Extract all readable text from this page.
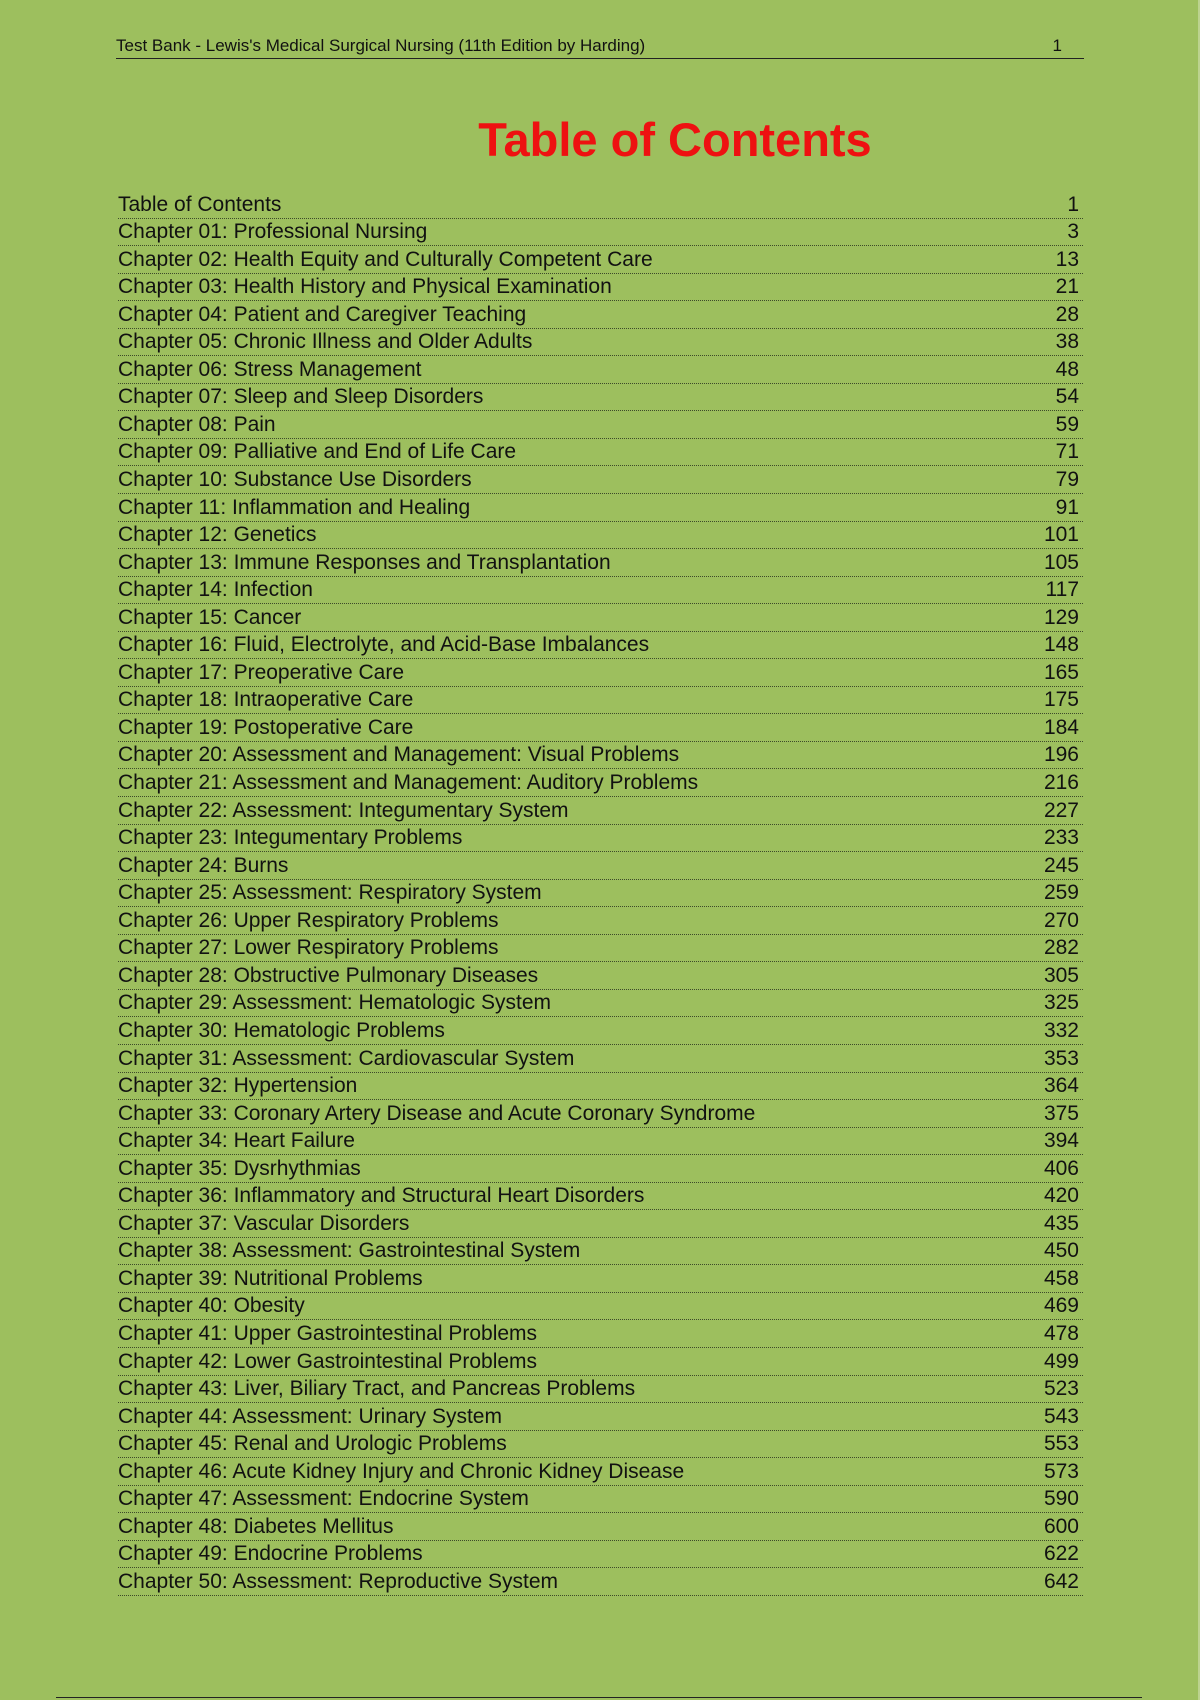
Test Bank - Lewis's Medical Surgical Nursing (11th Edition by Harding)	1
Table of Contents
Table of Contents	1
Chapter 01: Professional Nursing	3
Chapter 02: Health Equity and Culturally Competent Care	13
Chapter 03: Health History and Physical Examination	21
Chapter 04: Patient and Caregiver Teaching	28
Chapter 05: Chronic Illness and Older Adults	38
Chapter 06: Stress Management	48
Chapter 07: Sleep and Sleep Disorders	54
Chapter 08: Pain	59
Chapter 09: Palliative and End of Life Care	71
Chapter 10: Substance Use Disorders	79
Chapter 11: Inflammation and Healing	91
Chapter 12: Genetics	101
Chapter 13: Immune Responses and Transplantation	105
Chapter 14: Infection	117
Chapter 15: Cancer	129
Chapter 16: Fluid, Electrolyte, and Acid-Base Imbalances	148
Chapter 17: Preoperative Care	165
Chapter 18: Intraoperative Care	175
Chapter 19: Postoperative Care	184
Chapter 20: Assessment and Management: Visual Problems	196
Chapter 21: Assessment and Management: Auditory Problems	216
Chapter 22: Assessment: Integumentary System	227
Chapter 23: Integumentary Problems	233
Chapter 24: Burns	245
Chapter 25: Assessment: Respiratory System	259
Chapter 26: Upper Respiratory Problems	270
Chapter 27: Lower Respiratory Problems	282
Chapter 28: Obstructive Pulmonary Diseases	305
Chapter 29: Assessment: Hematologic System	325
Chapter 30: Hematologic Problems	332
Chapter 31: Assessment: Cardiovascular System	353
Chapter 32: Hypertension	364
Chapter 33: Coronary Artery Disease and Acute Coronary Syndrome	375
Chapter 34: Heart Failure	394
Chapter 35: Dysrhythmias	406
Chapter 36: Inflammatory and Structural Heart Disorders	420
Chapter 37: Vascular Disorders	435
Chapter 38: Assessment: Gastrointestinal System	450
Chapter 39: Nutritional Problems	458
Chapter 40: Obesity	469
Chapter 41: Upper Gastrointestinal Problems	478
Chapter 42: Lower Gastrointestinal Problems	499
Chapter 43: Liver, Biliary Tract, and Pancreas Problems	523
Chapter 44: Assessment: Urinary System	543
Chapter 45: Renal and Urologic Problems	553
Chapter 46: Acute Kidney Injury and Chronic Kidney Disease	573
Chapter 47: Assessment: Endocrine System	590
Chapter 48: Diabetes Mellitus	600
Chapter 49: Endocrine Problems	622
Chapter 50: Assessment: Reproductive System	642
